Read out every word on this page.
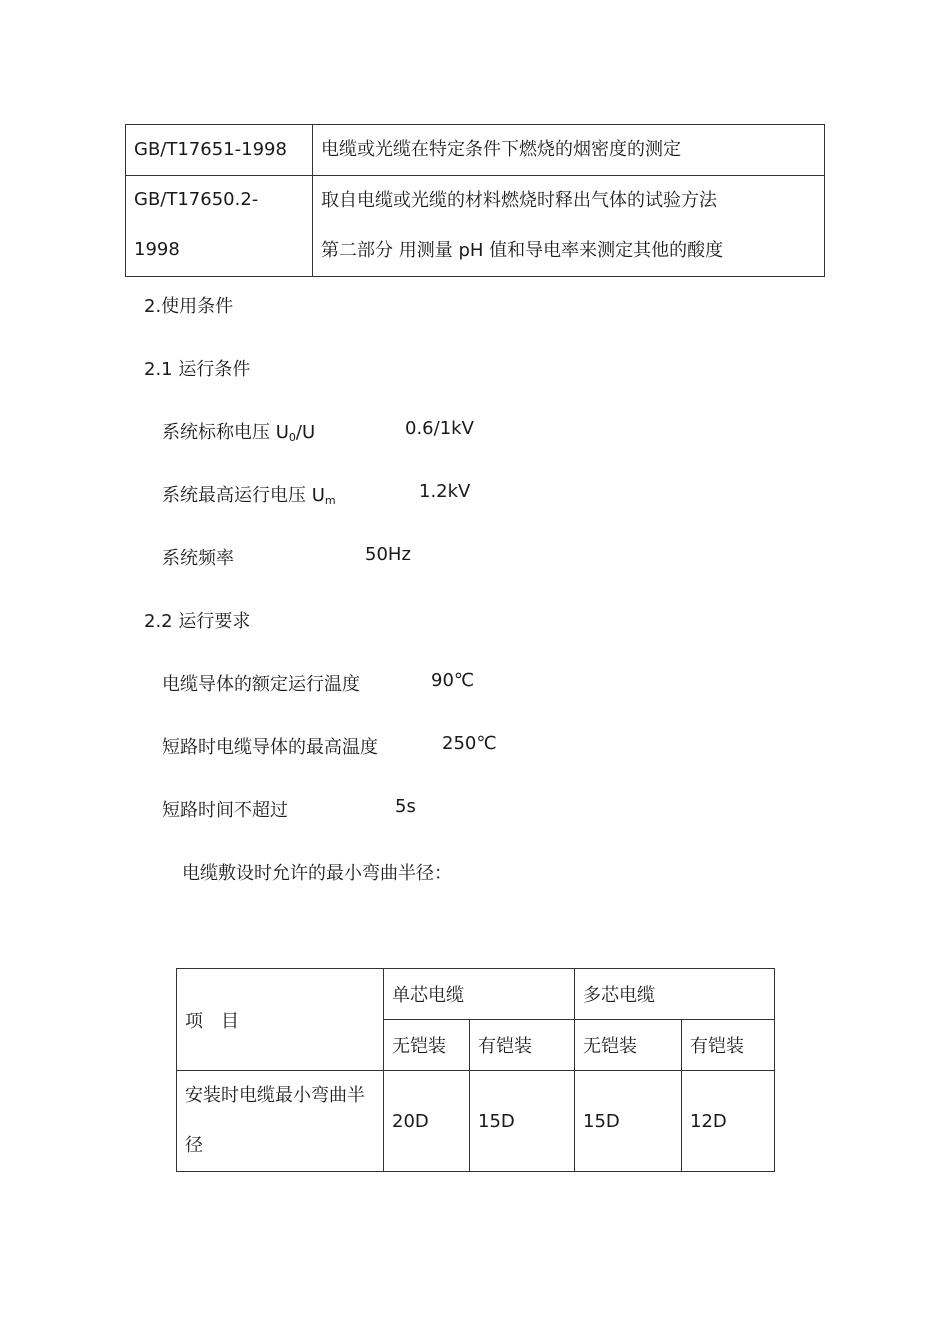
GB/T17651-1998	电缆或光缆在特定条件下燃烧的烟密度的测定
GB/T17650.2-1998	取自电缆或光缆的材料燃烧时释出气体的试验方法
第二部分 用测量 pH 值和导电率来测定其他的酸度
2.使用条件
2.1 运行条件
系统标称电压 $U_0/U$	0.6/1kV
系统最高运行电压 $U_m$	1.2kV
系统频率	50Hz
2.2 运行要求
电缆导体的额定运行温度	90℃
短路时电缆导体的最高温度	250℃
短路时间不超过	5s
电缆敷设时允许的最小弯曲半径：
项　目	单芯电缆		多芯电缆	
	无铠装	有铠装	无铠装	有铠装
安装时电缆最小弯曲半径	20D	15D	15D	12D
